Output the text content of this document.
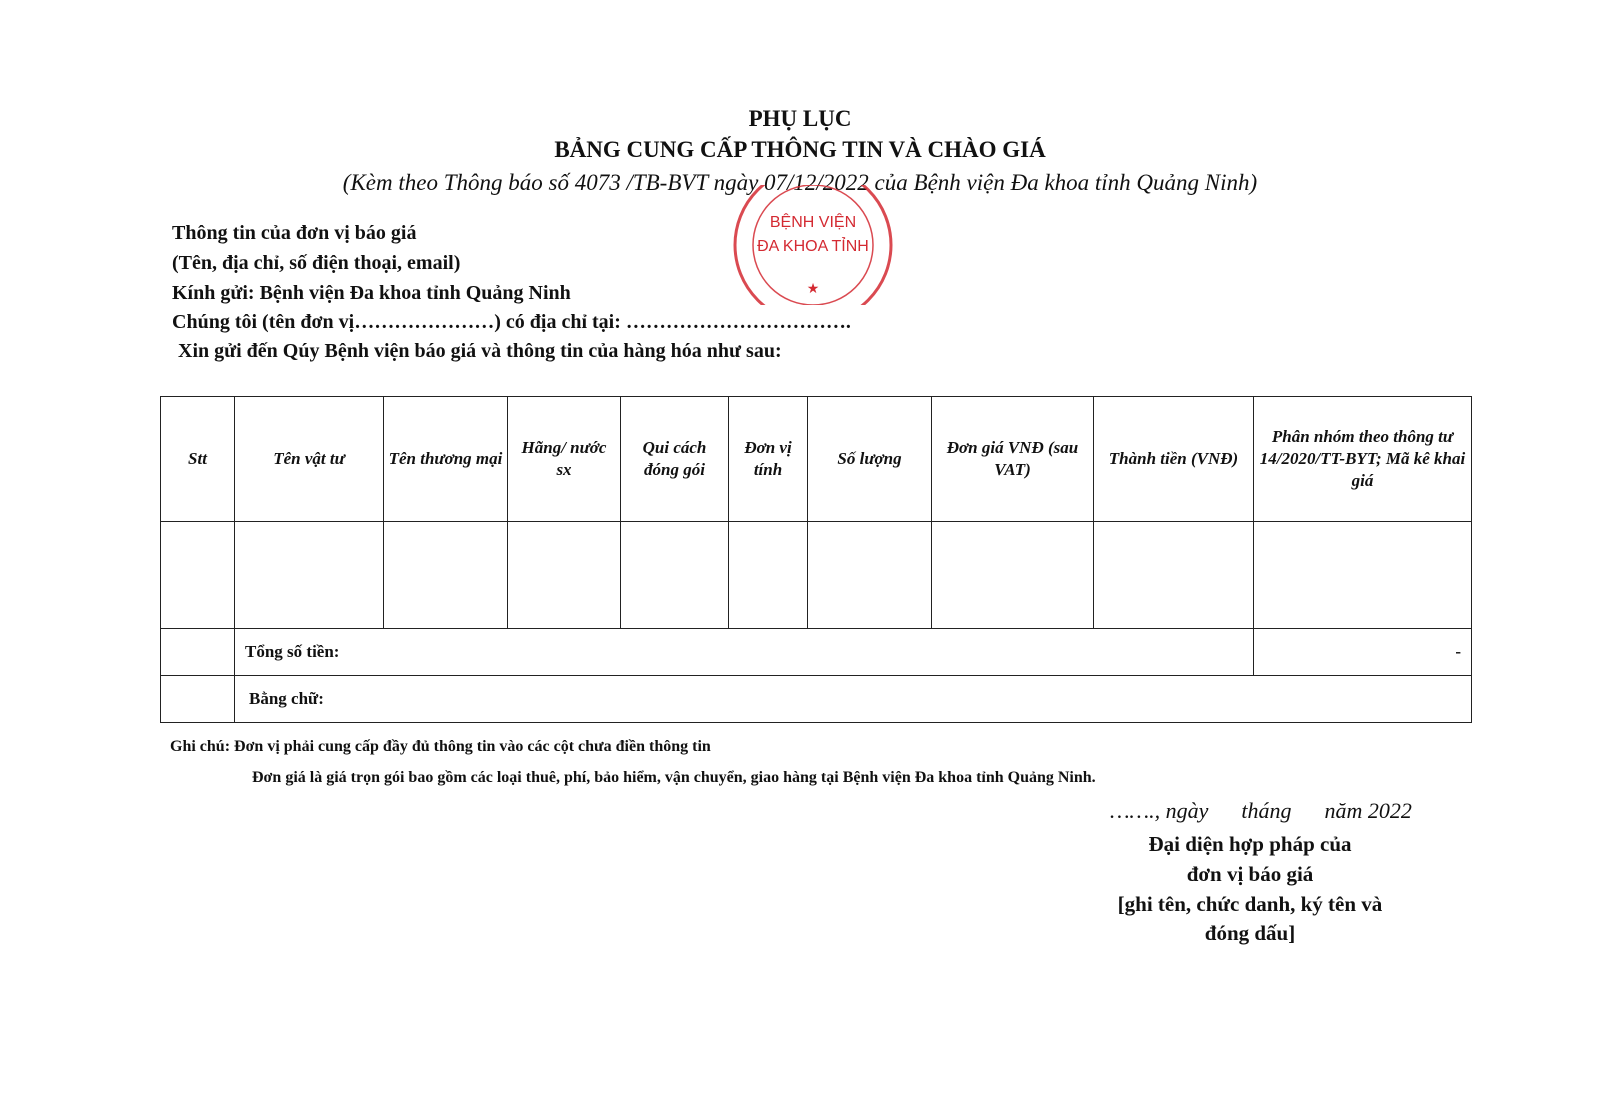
PHỤ LỤC
BẢNG CUNG CẤP THÔNG TIN VÀ CHÀO GIÁ
(Kèm theo Thông báo số 4073 /TB-BVT ngày 07/12/2022 của Bệnh viện Đa khoa tỉnh Quảng Ninh)
BỆNH VIỆN
ĐA KHOA TỈNH
★
Thông tin của đơn vị báo giá
(Tên, địa chỉ, số điện thoại, email)
Kính gửi: Bệnh viện Đa khoa tỉnh Quảng Ninh
Chúng tôi (tên đơn vị…………………) có địa chỉ tại: …………………………….
Xin gửi đến Qúy Bệnh viện báo giá và thông tin của hàng hóa như sau:
Stt	Tên vật tư	Tên thương mại	Hãng/ nước sx	Qui cách đóng gói	Đơn vị tính	Số lượng	Đơn giá VNĐ (sau VAT)	Thành tiền (VNĐ)	Phân nhóm theo thông tư 14/2020/TT-BYT; Mã kê khai giá

	Tổng số tiền:								-
	Bằng chữ:								
Ghi chú: Đơn vị phải cung cấp đầy đủ thông tin vào các cột chưa điền thông tin
Đơn giá là giá trọn gói bao gồm các loại thuê, phí, bảo hiểm, vận chuyển, giao hàng tại Bệnh viện Đa khoa tỉnh Quảng Ninh.
……., ngày      tháng      năm 2022
Đại diện hợp pháp của
đơn vị báo giá
[ghi tên, chức danh, ký tên và
đóng dấu]
